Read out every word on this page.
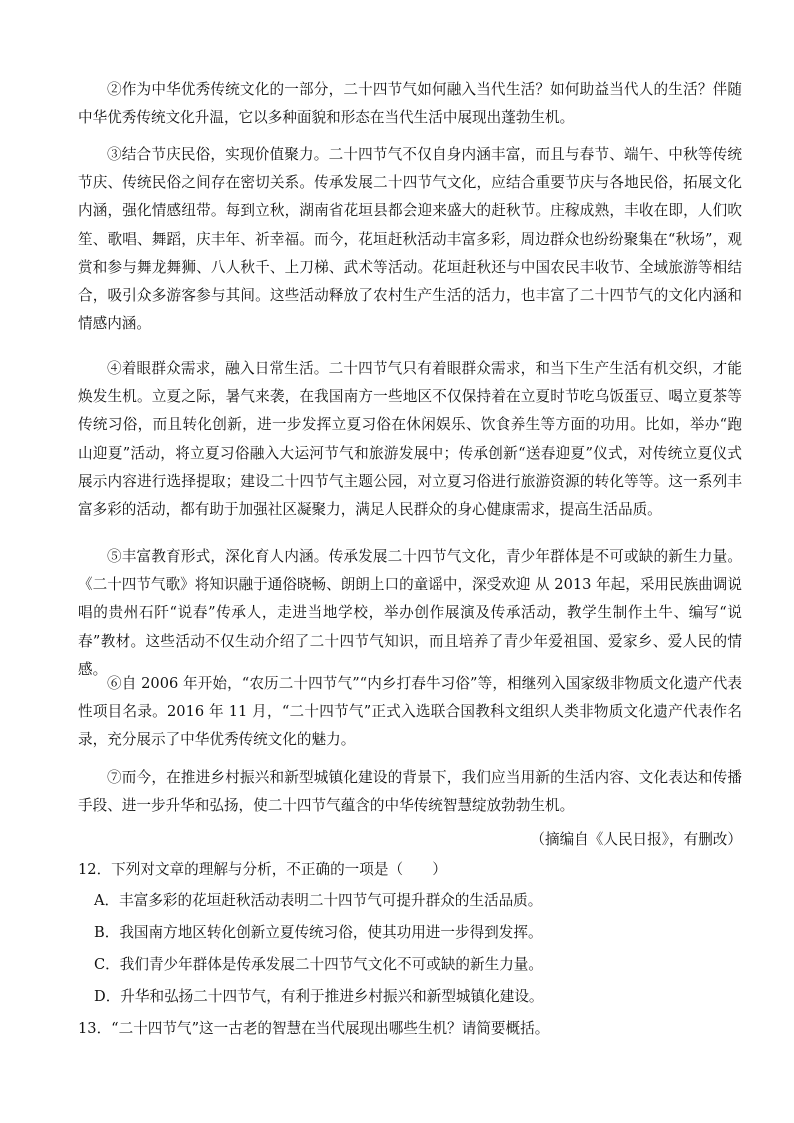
②作为中华优秀传统文化的一部分，二十四节气如何融入当代生活？如何助益当代人的生活？伴随中华优秀传统文化升温，它以多种面貌和形态在当代生活中展现出蓬勃生机。

③结合节庆民俗，实现价值聚力。二十四节气不仅自身内涵丰富，而且与春节、端午、中秋等传统节庆、传统民俗之间存在密切关系。传承发展二十四节气文化，应结合重要节庆与各地民俗，拓展文化内涵，强化情感纽带。每到立秋，湖南省花垣县都会迎来盛大的赶秋节。庄稼成熟，丰收在即，人们吹笙、歌唱、舞蹈，庆丰年、祈幸福。而今，花垣赶秋活动丰富多彩，周边群众也纷纷聚集在“秋场”，观赏和参与舞龙舞狮、八人秋千、上刀梯、武术等活动。花垣赶秋还与中国农民丰收节、全域旅游等相结合，吸引众多游客参与其间。这些活动释放了农村生产生活的活力，也丰富了二十四节气的文化内涵和情感内涵。

④着眼群众需求，融入日常生活。二十四节气只有着眼群众需求，和当下生产生活有机交织，才能焕发生机。立夏之际，暑气来袭，在我国南方一些地区不仅保持着在立夏时节吃乌饭蛋豆、喝立夏茶等传统习俗，而且转化创新，进一步发挥立夏习俗在休闲娱乐、饮食养生等方面的功用。比如，举办“跑山迎夏”活动，将立夏习俗融入大运河节气和旅游发展中；传承创新“送春迎夏”仪式，对传统立夏仪式展示内容进行选择提取；建设二十四节气主题公园，对立夏习俗进行旅游资源的转化等等。这一系列丰富多彩的活动，都有助于加强社区凝聚力，满足人民群众的身心健康需求，提高生活品质。

⑤丰富教育形式，深化育人内涵。传承发展二十四节气文化，青少年群体是不可或缺的新生力量。《二十四节气歌》将知识融于通俗晓畅、朗朗上口的童谣中，深受欢迎 从 2013 年起，采用民族曲调说唱的贵州石阡“说春”传承人，走进当地学校，举办创作展演及传承活动，教学生制作土牛、编写“说春”教材。这些活动不仅生动介绍了二十四节气知识，而且培养了青少年爱祖国、爱家乡、爱人民的情感。

⑥自 2006 年开始，“农历二十四节气”“内乡打春牛习俗”等，相继列入国家级非物质文化遗产代表性项目名录。2016 年 11 月，“二十四节气”正式入选联合国教科文组织人类非物质文化遗产代表作名录，充分展示了中华优秀传统文化的魅力。

⑦而今，在推进乡村振兴和新型城镇化建设的背景下，我们应当用新的生活内容、文化表达和传播手段、进一步升华和弘扬，使二十四节气蕴含的中华传统智慧绽放勃勃生机。

（摘编自《人民日报》，有删改）

12．下列对文章的理解与分析，不正确的一项是（　　）

A．丰富多彩的花垣赶秋活动表明二十四节气可提升群众的生活品质。

B．我国南方地区转化创新立夏传统习俗，使其功用进一步得到发挥。

C．我们青少年群体是传承发展二十四节气文化不可或缺的新生力量。

D．升华和弘扬二十四节气，有利于推进乡村振兴和新型城镇化建设。

13．“二十四节气”这一古老的智慧在当代展现出哪些生机？请简要概括。
